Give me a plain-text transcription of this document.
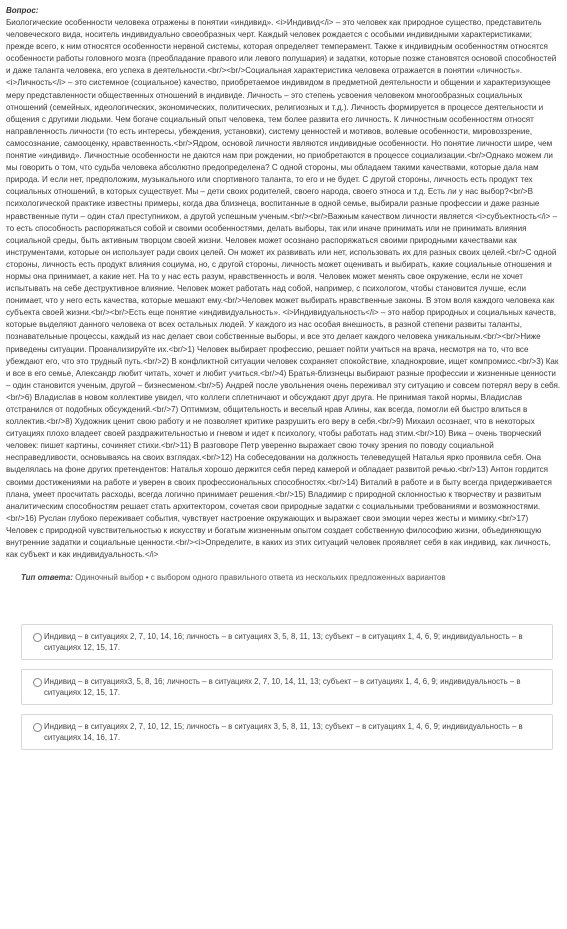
Вопрос:
Биологические особенности человека отражены в понятии «индивид». <i>Индивид</i> – это человек как природное существо, представитель человеческого вида, носитель индивидуально своеобразных черт. Каждый человек рождается с особыми индивидными характеристиками; прежде всего, к ним относятся особенности нервной системы, которая определяет темперамент. Также к индивидным особенностям относятся особенности работы головного мозга (преобладание правого или левого полушария) и задатки, которые позже становятся основой способностей и даже таланта человека, его успеха в деятельности.<br/><br/>Социальная характеристика человека отражается в понятии «личность». <i>Личность</i> – это системное (социальное) качество, приобретаемое индивидом в предметной деятельности и общении и характеризующее меру представленности общественных отношений в индивиде. Личность – это степень усвоения человеком многообразных социальных отношений (семейных, идеологических, экономических, политических, религиозных и т.д.). Личность формируется в процессе деятельности и общения с другими людьми. Чем богаче социальный опыт человека, тем более развита его личность. К личностным особенностям относят направленность личности (то есть интересы, убеждения, установки), систему ценностей и мотивов, волевые особенности, мировоззрение, самосознание, самооценку, нравственность.<br/>Ядром, основой личности являются индивидные особенности. Но понятие личности шире, чем понятие «индивид». Личностные особенности не даются нам при рождении, но приобретаются в процессе социализации.<br/>Однако можем ли мы говорить о том, что судьба человека абсолютно предопределена? С одной стороны, мы обладаем такими качествами, которые дала нам природа. И если нет, предположим, музыкального или спортивного таланта, то его и не будет. С другой стороны, личность есть продукт тех социальных отношений, в которых существует. Мы – дети своих родителей, своего народа, своего этноса и т.д. Есть ли у нас выбор?<br/>В психологической практике известны примеры, когда два близнеца, воспитанные в одной семье, выбирали разные профессии и даже разные нравственные пути – один стал преступником, а другой успешным ученым.<br/><br/>Важным качеством личности является <i>субъектность</i> – то есть способность распоряжаться собой и своими особенностями, делать выборы, так или иначе принимать или не принимать влияния социальной среды, быть активным творцом своей жизни. Человек может осознано распоряжаться своими природными качествами как инструментами, которые он использует ради своих целей. Он может их развивать или нет, использовать их для разных своих целей.<br/>С одной стороны, личность есть продукт влияния социума, но, с другой стороны, личность может оценивать и выбирать, какие социальные отношения и нормы она принимает, а какие нет. На то у нас есть разум, нравственность и воля. Человек может менять свое окружение, если не хочет испытывать на себе деструктивное влияние. Человек может работать над собой, например, с психологом, чтобы становится лучше, если понимает, что у него есть качества, которые мешают ему.<br/>Человек может выбирать нравственные законы. В этом воля каждого человека как субъекта своей жизни.<br/><br/>Есть еще понятие «индивидуальность». <i>Индивидуальность</i> – это набор природных и социальных качеств, которые выделяют данного человека от всех остальных людей. У каждого из нас особая внешность, в разной степени развиты таланты, познавательные процессы, каждый из нас делает свои собственные выборы, и все это делает каждого человека уникальным.<br/><br/>Ниже приведены ситуации. Проанализируйте их.<br/>1) Человек выбирает профессию, решает пойти учиться на врача, несмотря на то, что все убеждают его, что это трудный путь.<br/>2) В конфликтной ситуации человек сохраняет спокойствие, хладнокровие, ищет компромисс.<br/>3) Как и все в его семье, Александр любит читать, хочет и любит учиться.<br/>4) Братья-близнецы выбирают разные профессии и жизненные ценности – один становится ученым, другой – бизнесменом.<br/>5) Андрей после увольнения очень переживал эту ситуацию и совсем потерял веру в себя.<br/>6) Владислав в новом коллективе увидел, что коллеги сплетничают и обсуждают друг друга. Не принимая такой нормы, Владислав отстранился от подобных обсуждений.<br/>7) Оптимизм, общительность и веселый нрав Алины, как всегда, помогли ей быстро влиться в коллектив.<br/>8) Художник ценит свою работу и не позволяет критике разрушить его веру в себя.<br/>9) Михаил осознает, что в некоторых ситуациях плохо владеет своей раздражительностью и гневом и идет к психологу, чтобы работать над этим.<br/>10) Вика – очень творческий человек: пишет картины, сочиняет стихи.<br/>11) В разговоре Петр уверенно выражает свою точку зрения по поводу социальной несправедливости, основываясь на своих взглядах.<br/>12) На собеседовании на должность телеведущей Наталья ярко проявила себя. Она выделялась на фоне других претендентов: Наталья хорошо держится себя перед камерой и обладает развитой речью.<br/>13) Антон гордится своими достижениями на работе и уверен в своих профессиональных способностях.<br/>14) Виталий в работе и в быту всегда придерживается плана, умеет просчитать расходы, всегда логично принимает решения.<br/>15) Владимир с природной склонностью к творчеству и развитым аналитическим способностям решает стать архитектором, сочетая свои природные задатки с социальными требованиями и возможностями.<br/>16) Руслан глубоко переживает события, чувствует настроение окружающих и выражает свои эмоции через жесты и мимику.<br/>17) Человек с природной чувствительностью к искусству и богатым жизненным опытом создает собственную философию жизни, объединяющую внутренние задатки и социальные ценности.<br/><i>Определите, в каких из этих ситуаций человек проявляет себя в как индивид, как личность, как субъект и как индивидуальность.</i>
Тип ответа: Одиночный выбор • с выбором одного правильного ответа из нескольких предложенных вариантов
Индивид – в ситуациях 2, 7, 10, 14, 16; личность – в ситуациях 3, 5, 8, 11, 13; субъект – в ситуациях 1, 4, 6, 9; индивидуальность – в ситуациях 12, 15, 17.
Индивид – в ситуациях3, 5, 8, 16; личность – в ситуациях 2, 7, 10, 14, 11, 13; субъект – в ситуациях 1, 4, 6, 9; индивидуальность – в ситуациях 12, 15, 17.
Индивид – в ситуациях 2, 7, 10, 12, 15; личность – в ситуациях 3, 5, 8, 11, 13; субъект – в ситуациях 1, 4, 6, 9; индивидуальность – в ситуациях 14, 16, 17.
